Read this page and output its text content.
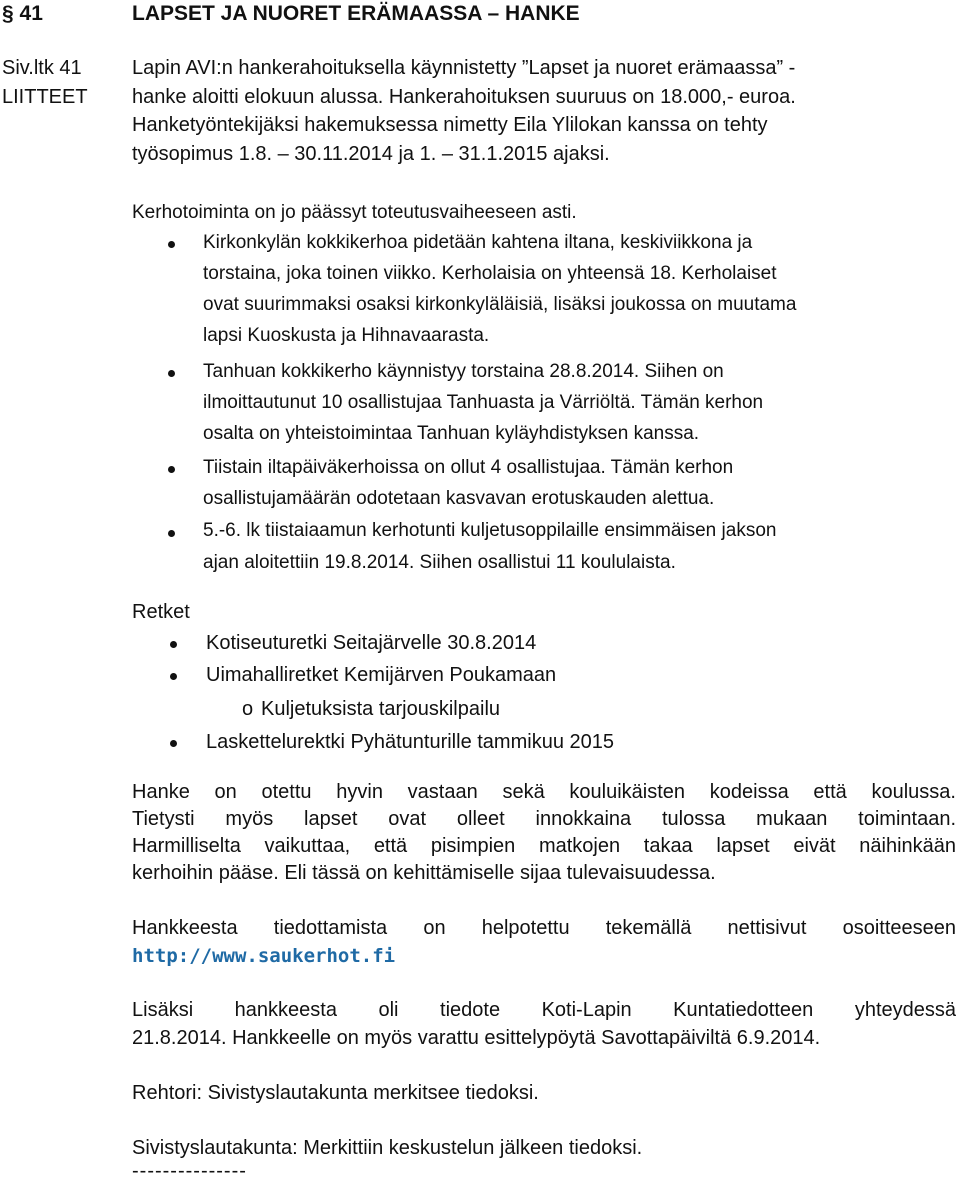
§ 41	LAPSET JA NUORET ERÄMAASSA – HANKE
Siv.ltk 41
LIITTEET
Lapin AVI:n hankerahoituksella käynnistetty ”Lapset ja nuoret erämaassa” -
hanke aloitti elokuun alussa. Hankerahoituksen suuruus on 18.000,- euroa.
Hanketyöntekijäksi hakemuksessa nimetty Eila Ylilokan kanssa on tehty
työsopimus 1.8. – 30.11.2014 ja 1. – 31.1.2015 ajaksi.
Kerhotoiminta on jo päässyt toteutusvaiheeseen asti.
Kirkonkylän kokkikerhoa pidetään kahtena iltana, keskiviikkona ja
torstaina, joka toinen viikko. Kerholaisia on yhteensä 18. Kerholaiset
ovat suurimmaksi osaksi kirkonkyläläisiä, lisäksi joukossa on muutama
lapsi Kuoskusta ja Hihnavaarasta.
Tanhuan kokkikerho käynnistyy torstaina 28.8.2014. Siihen on
ilmoittautunut 10 osallistujaa Tanhuasta ja Värriöltä. Tämän kerhon
osalta on yhteistoimintaa Tanhuan kyläyhdistyksen kanssa.
Tiistain iltapäiväkerhoissa on ollut 4 osallistujaa. Tämän kerhon
osallistujamäärän odotetaan kasvavan erotuskauden alettua.
5.-6. lk tiistaiaamun kerhotunti kuljetusoppilaille ensimmäisen jakson
ajan aloitettiin 19.8.2014. Siihen osallistui 11 koululaista.
Retket
Kotiseuturetki Seitajärvelle 30.8.2014
Uimahalliretket Kemijärven Poukamaan
o Kuljetuksista tarjouskilpailu
Laskettelurektki Pyhätunturille tammikuu 2015
Hanke on otettu hyvin vastaan sekä kouluikäisten kodeissa että koulussa.
Tietysti myös lapset ovat olleet innokkaina tulossa mukaan toimintaan.
Harmilliselta vaikuttaa, että pisimpien matkojen takaa lapset eivät näihinkään
kerhoihin pääse. Eli tässä on kehittämiselle sijaa tulevaisuudessa.
Hankkeesta tiedottamista on helpotettu tekemällä nettisivut osoitteeseen
http://www.saukerhot.fi
Lisäksi hankkeesta oli tiedote Koti-Lapin Kuntatiedotteen yhteydessä
21.8.2014. Hankkeelle on myös varattu esittelypöytä Savottapäiviltä 6.9.2014.
Rehtori: Sivistyslautakunta merkitsee tiedoksi.
Sivistyslautakunta: Merkittiin keskustelun jälkeen tiedoksi.
---------------
